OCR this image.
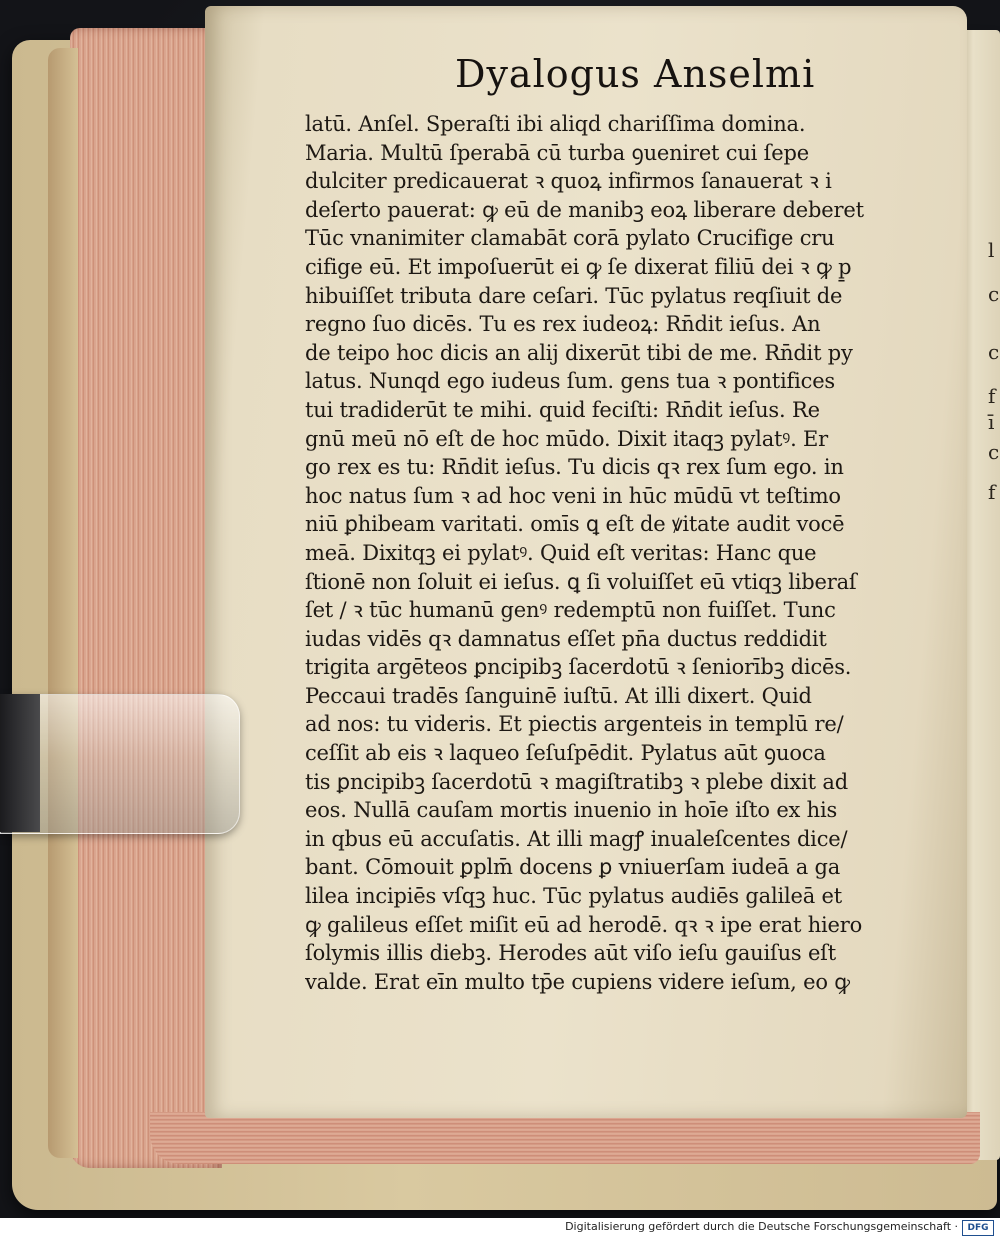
Dyalogus Anselmi
latū. Anſel. Speraſti ibi aliqd chariſſima domina.
Maria. Multū ſperabā cū turba ꝯueniret cui ſepe
dulciter predicauerat ꝛ quoꝝ infirmos ſanauerat ꝛ i
deſerto pauerat: ꝙ eū de manibꝫ eoꝝ liberare deberet
Tūc vnanimiter clamabāt corā pylato Crucifige cru
cifige eū. Et impoſuerūt ei ꝙ ſe dixerat filiū dei ꝛ ꝙ p̱
hibuiſſet tributa dare ceſari. Tūc pylatus reqſiuit de
regno ſuo dicēs. Tu es rex iudeoꝝ: Rn̄dit ieſus. An
de teipo hoc dicis an alij dixerūt tibi de me. Rn̄dit py
latus. Nunqd ego iudeus ſum. gens tua ꝛ pontifices
tui tradiderūt te mihi. quid feciſti: Rn̄dit ieſus. Re
gnū meū nō eſt de hoc mūdo. Dixit itaqꝫ pylatꝰ. Er
go rex es tu: Rn̄dit ieſus. Tu dicis qꝛ rex ſum ego. in
hoc natus ſum ꝛ ad hoc veni in hūc mūdū vt teſtimo
niū ꝑhibeam varitati. omīs ꝗ eſt de ꝟitate audit vocē
meā. Dixitqꝫ ei pylatꝰ. Quid eſt veritas: Hanc que
ſtionē non ſoluit ei ieſus. ꝗ ſi voluiſſet eū vtiqꝫ liberaſ
ſet / ꝛ tūc humanū genꝰ redemptū non fuiſſet. Tunc
iudas vidēs qꝛ damnatus eſſet pn̄a ductus reddidit
trigita argēteos ꝑncipibꝫ ſacerdotū ꝛ ſeniorībꝫ dicēs.
Peccaui tradēs ſanguinē iuſtū. At illi dixert. Quid
ad nos: tu videris. Et piectis argenteis in templū re/
ceſſit ab eis ꝛ laqueo ſeſuſpēdit. Pylatus aūt ꝯuoca
tis ꝑncipibꝫ ſacerdotū ꝛ magiſtratibꝫ ꝛ plebe dixit ad
eos. Nullā cauſam mortis inuenio in hoīe iſto ex his
in qbus eū accuſatis. At illi magꝭ inualeſcentes dice/
bant. Cōmouit ꝑplm̄ docens ꝑ vniuerſam iudeā a ga
lilea incipiēs vſqꝫ huc. Tūc pylatus audiēs galileā et
ꝙ galileus eſſet miſit eū ad herodē. qꝛ ꝛ ipe erat hiero
ſolymis illis diebꝫ. Herodes aūt viſo ieſu gauiſus eſt
valde. Erat eīn multo tp̄e cupiens videre ieſum, eo ꝙ
Digitalisierung gefördert durch die Deutsche Forschungsgemeinschaft ·	DFG
l
c
c
f
ī
c
f
